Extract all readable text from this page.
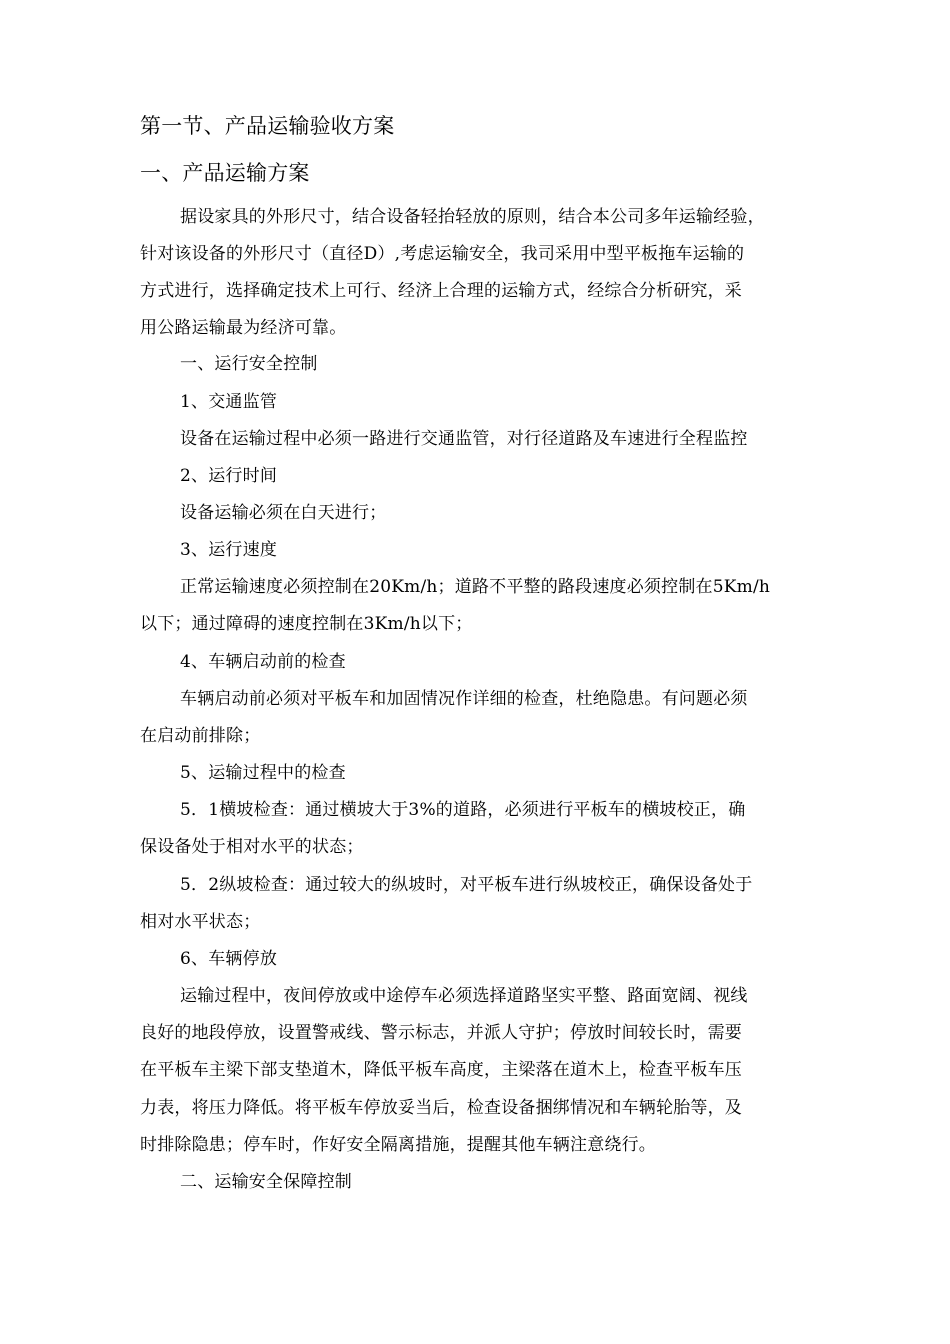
第一节、产品运输验收方案
一、产品运输方案
据设家具的外形尺寸，结合设备轻抬轻放的原则，结合本公司多年运输经验，
针对该设备的外形尺寸（直径D）,考虑运输安全，我司采用中型平板拖车运输的
方式进行，选择确定技术上可行、经济上合理的运输方式，经综合分析研究，采
用公路运输最为经济可靠。
一、运行安全控制
1、交通监管
设备在运输过程中必须一路进行交通监管，对行径道路及车速进行全程监控
2、运行时间
设备运输必须在白天进行；
3、运行速度
正常运输速度必须控制在20Km/h；道路不平整的路段速度必须控制在5Km/h
以下；通过障碍的速度控制在3Km/h以下；
4、车辆启动前的检查
车辆启动前必须对平板车和加固情况作详细的检查，杜绝隐患。有问题必须
在启动前排除；
5、运输过程中的检查
5．1横坡检查：通过横坡大于3%的道路，必须进行平板车的横坡校正，确
保设备处于相对水平的状态；
5．2纵坡检查：通过较大的纵坡时，对平板车进行纵坡校正，确保设备处于
相对水平状态；
6、车辆停放
运输过程中，夜间停放或中途停车必须选择道路坚实平整、路面宽阔、视线
良好的地段停放，设置警戒线、警示标志，并派人守护；停放时间较长时，需要
在平板车主梁下部支垫道木，降低平板车高度，主梁落在道木上，检查平板车压
力表，将压力降低。将平板车停放妥当后，检查设备捆绑情况和车辆轮胎等，及
时排除隐患；停车时，作好安全隔离措施，提醒其他车辆注意绕行。
二、运输安全保障控制
